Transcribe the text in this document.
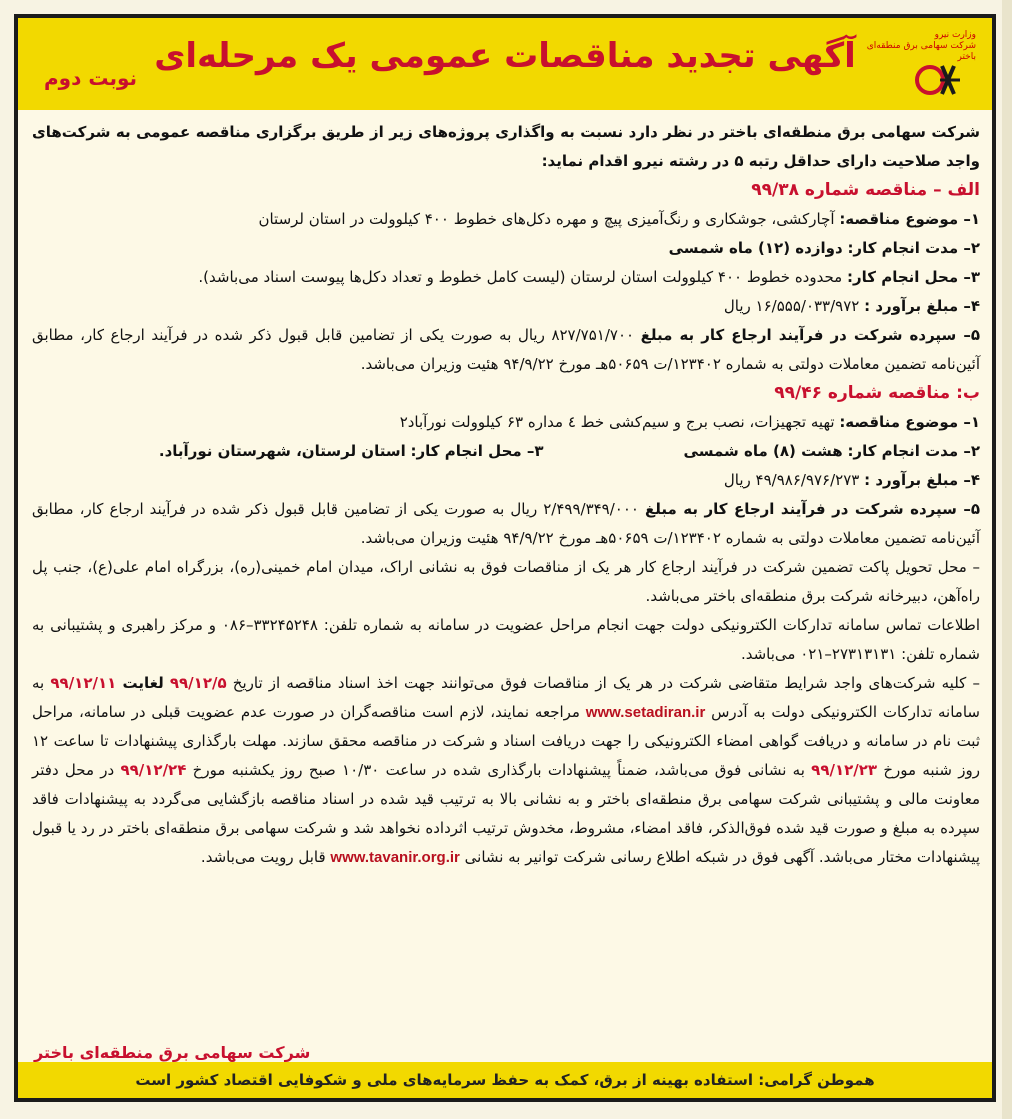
وزارت نیرو
شرکت سهامی برق منطقه‌ای باختر
آگهی تجدید مناقصات عمومی یک مرحله‌ای
نوبت دوم

شرکت سهامی برق منطقه‌ای باختر در نظر دارد نسبت به واگذاری پروژه‌های زیر از طریق برگزاری مناقصه عمومی به شرکت‌های واجد صلاحیت دارای حداقل رتبه ۵ در رشته نیرو اقدام نماید:

الف – مناقصه شماره ۹۹/۳۸

۱– موضوع مناقصه: آچارکشی، جوشکاری و رنگ‌آمیزی پیچ و مهره دکل‌های خطوط ۴۰۰ کیلوولت در استان لرستان

۲– مدت انجام کار: دوازده (۱۲) ماه شمسی

۳– محل انجام کار: محدوده خطوط ۴۰۰ کیلوولت استان لرستان (لیست کامل خطوط و تعداد دکل‌ها پیوست اسناد می‌باشد).

۴– مبلغ برآورد : ۱۶/۵۵۵/۰۳۳/۹۷۲ ریال

۵– سپرده شرکت در فرآیند ارجاع کار به مبلغ ۸۲۷/۷۵۱/۷۰۰ ریال به صورت یکی از تضامین قابل قبول ذکر شده در فرآیند ارجاع کار، مطابق آئین‌نامه تضمین معاملات دولتی به شماره ۱۲۳۴۰۲/ت ۵۰۶۵۹هـ مورخ ۹۴/۹/۲۲ هئیت وزیران می‌باشد.

ب: مناقصه شماره ۹۹/۴۶

۱– موضوع مناقصه: تهیه تجهیزات، نصب برج و سیم‌کشی خط ٤ مداره ۶۳ کیلوولت نورآباد۲

۲– مدت انجام کار: هشت (۸) ماه شمسی۳– محل انجام کار: استان لرستان، شهرستان نورآباد.

۴– مبلغ برآورد : ۴۹/۹۸۶/۹۷۶/۲۷۳ ریال

۵– سپرده شرکت در فرآیند ارجاع کار به مبلغ ۲/۴۹۹/۳۴۹/۰۰۰ ریال به صورت یکی از تضامین قابل قبول ذکر شده در فرآیند ارجاع کار، مطابق آئین‌نامه تضمین معاملات دولتی به شماره ۱۲۳۴۰۲/ت ۵۰۶۵۹هـ مورخ ۹۴/۹/۲۲ هئیت وزیران می‌باشد.

– محل تحویل پاکت تضمین شرکت در فرآیند ارجاع کار هر یک از مناقصات فوق به نشانی اراک، میدان امام خمینی(ره)، بزرگراه امام علی(ع)، جنب پل راه‌آهن، دبیرخانه شرکت برق منطقه‌ای باختر می‌باشد.

اطلاعات تماس سامانه تدارکات الکترونیکی دولت جهت انجام مراحل عضویت در سامانه به شماره تلفن: ۳۳۲۴۵۲۴۸–۰۸۶ و مرکز راهبری و پشتیبانی به شماره تلفن: ۲۷۳۱۳۱۳۱–۰۲۱ می‌باشد.

– کلیه شرکت‌های واجد شرایط متقاضی شرکت در هر یک از مناقصات فوق می‌توانند جهت اخذ اسناد مناقصه از تاریخ ۹۹/۱۲/۵ لغایت ۹۹/۱۲/۱۱ به سامانه تدارکات الکترونیکی دولت به آدرس www.setadiran.ir مراجعه نمایند، لازم است مناقصه‌گران در صورت عدم عضویت قبلی در سامانه، مراحل ثبت نام در سامانه و دریافت گواهی امضاء الکترونیکی را جهت دریافت اسناد و شرکت در مناقصه محقق سازند. مهلت بارگذاری پیشنهادات تا ساعت ۱۲ روز شنبه مورخ ۹۹/۱۲/۲۳ به نشانی فوق می‌باشد، ضمناً پیشنهادات بارگذاری شده در ساعت ۱۰/۳۰ صبح روز یکشنبه مورخ ۹۹/۱۲/۲۴ در محل دفتر معاونت مالی و پشتیبانی شرکت سهامی برق منطقه‌ای باختر و به نشانی بالا به ترتیب قید شده در اسناد مناقصه بازگشایی می‌گردد به پیشنهادات فاقد سپرده به مبلغ و صورت قید شده فوق‌الذکر، فاقد امضاء، مشروط، مخدوش ترتیب اثرداده نخواهد شد و شرکت سهامی برق منطقه‌ای باختر در رد یا قبول پیشنهادات مختار می‌باشد. آگهی فوق در شبکه اطلاع رسانی شرکت توانیر به نشانی www.tavanir.org.ir قابل رویت می‌باشد.

شرکت سهامی برق منطقه‌ای باختر
هموطن گرامی: استفاده بهینه از برق، کمک به حفظ سرمایه‌های ملی و شکوفایی اقتصاد کشور است
